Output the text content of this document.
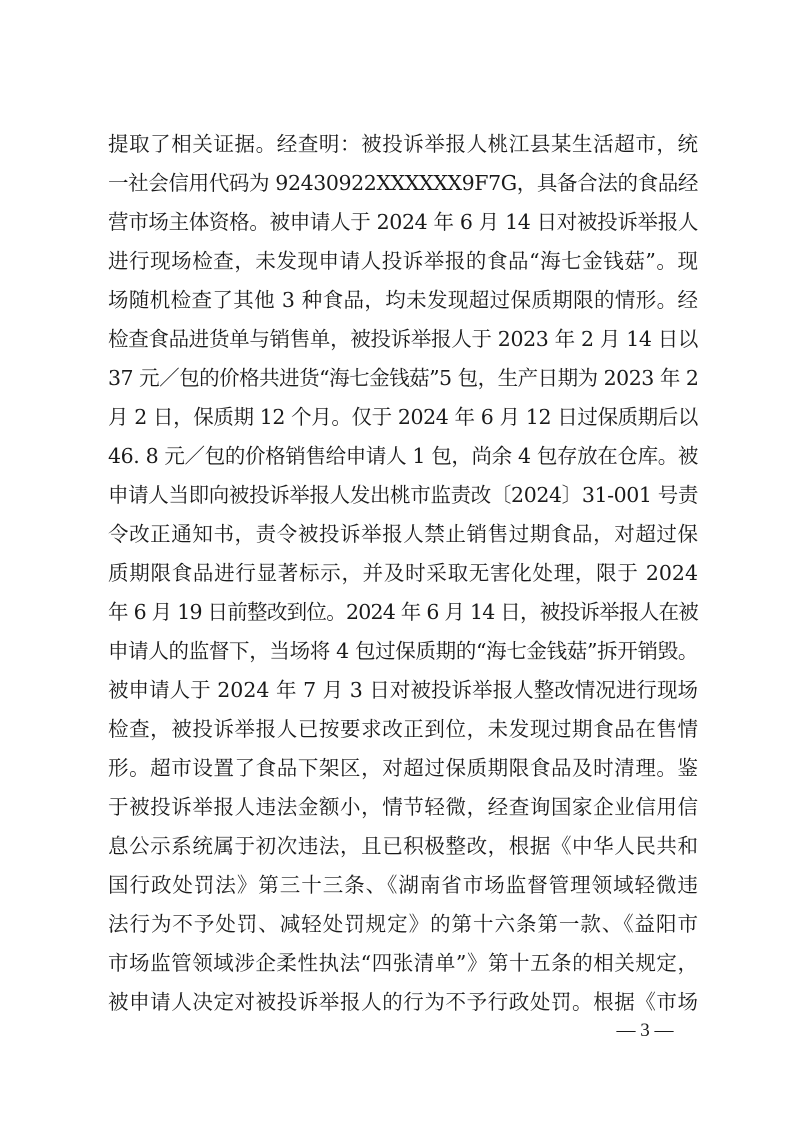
提取了相关证据。经查明：被投诉举报人桃江县某生活超市，统
一社会信用代码为 92430922XXXXXX9F7G，具备合法的食品经
营市场主体资格。被申请人于 2024 年 6 月 14 日对被投诉举报人
进行现场检查，未发现申请人投诉举报的食品“海七金钱菇”。现
场随机检查了其他 3 种食品，均未发现超过保质期限的情形。经
检查食品进货单与销售单，被投诉举报人于 2023 年 2 月 14 日以
37 元／包的价格共进货“海七金钱菇”5 包，生产日期为 2023 年 2
月 2 日，保质期 12 个月。仅于 2024 年 6 月 12 日过保质期后以
46. 8 元／包的价格销售给申请人 1 包，尚余 4 包存放在仓库。被
申请人当即向被投诉举报人发出桃市监责改〔2024〕31-001 号责
令改正通知书，责令被投诉举报人禁止销售过期食品，对超过保
质期限食品进行显著标示，并及时采取无害化处理，限于 2024
年 6 月 19 日前整改到位。2024 年 6 月 14 日，被投诉举报人在被
申请人的监督下，当场将 4 包过保质期的“海七金钱菇”拆开销毁。
被申请人于 2024 年 7 月 3 日对被投诉举报人整改情况进行现场
检查，被投诉举报人已按要求改正到位，未发现过期食品在售情
形。超市设置了食品下架区，对超过保质期限食品及时清理。鉴
于被投诉举报人违法金额小，情节轻微，经查询国家企业信用信
息公示系统属于初次违法，且已积极整改，根据《中华人民共和
国行政处罚法》第三十三条、《湖南省市场监督管理领域轻微违
法行为不予处罚、减轻处罚规定》的第十六条第一款、《益阳市
市场监管领域涉企柔性执法“四张清单”》第十五条的相关规定，
被申请人决定对被投诉举报人的行为不予行政处罚。根据《市场
— 3 —
